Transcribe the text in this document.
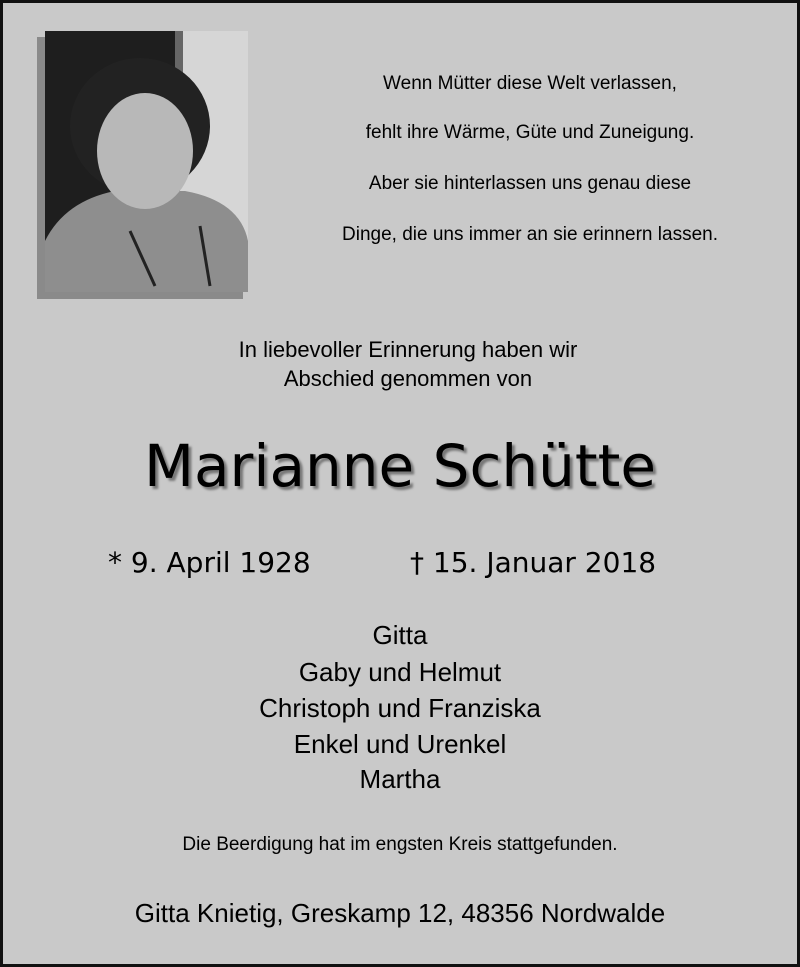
Wenn Mütter diese Welt verlassen,
fehlt ihre Wärme, Güte und Zuneigung.
Aber sie hinterlassen uns genau diese
Dinge, die uns immer an sie erinnern lassen.
In liebevoller Erinnerung haben wir
Abschied genommen von
Marianne Schütte
* 9. April 1928	† 15. Januar 2018
Gitta
Gaby und Helmut
Christoph und Franziska
Enkel und Urenkel
Martha
Die Beerdigung hat im engsten Kreis stattgefunden.
Gitta Knietig, Greskamp 12, 48356 Nordwalde
